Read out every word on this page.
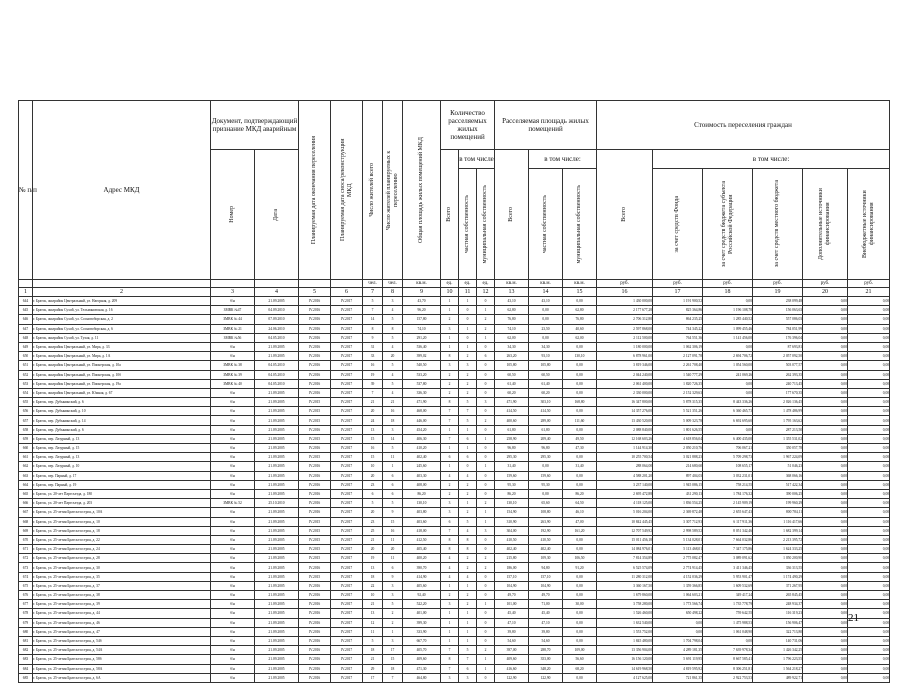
№ п/п	Адрес МКД	Документ, подтверждающий признание МКД аварийным		Планируемая дата окончания переселения	Планируемая дата сноса/реконструкции МКД	Число жителей всего	Число жителей планируемых к переселению	Общая площадь жилых помещений МКД	Количество расселяемых жилых помещений			Расселяемая площадь жилых помещений			Стоимость переселения граждан					

		Номер	Дата						Всего	в том числе		Всего	в том числе:		Всего	в том числе:				

										частная собственность	муниципальная собственность		частная собственность	муниципальная собственность		за счет средств Фонда	за счет средств бюджета субъекта Российской Федерации	за счет средств местного бюджета	Дополнительные источники финансирования	Внебюджетные источники финансирования

						чел.	чел.	кв.м.	ед.	ед.	ед.	кв.м.	кв.м.	кв.м.	руб.	руб.	руб.	руб.	руб.	руб.
1	2	3	4	5	6	7	8	9	10	11	12	13	14	15	16	17	18	19	20	21
644	г. Братск, жилрайон Центральный, ул. Нагорная, д. 209	б/н	21.09.2005	IV.2016	IV.2017	5	3	43,70	1	1	0	43,10	43,10	0,00	1 430 000,00	1 191 900,52	0,00	238 099,48	0,00	0,00
645	г. Братск, жилрайон Сухой, ул. Тельмановская, д. 16	ЗМВК №47	04.09.2010	IV.2016	IV.2017	7	4	96,20	1	0	1	62,80	0,00	62,80	2 177 677,28	825 364,86	1 196 108,78	156 063,63	0,00	0,00
646	г. Братск, жилрайон Сухой, ул. Сосновоборская, д. 2	ЗМВК № 44	07.09.2010	IV.2016	IV.2017	14	5	157,80	2	0	2	76,80	0,00	76,80	2 706 312,80	864 235,25	1 285 440,52	557 086,03	0,00	0,00
647	г. Братск, жилрайон Сухой, ул. Сосновоборская, д. 6	ЗМВК № 21	24.06.2010	IV.2016	IV.2017	8	8	74,10	3	1	2	74,10	23,50	40,60	2 597 868,00	744 345,22	1 099 455,46	784 051,99	0,00	0,00
648	г. Братск, жилрайон Сухой, ул. Тухая, д. 11	ЗМВК №56	04.05.2010	IV.2016	IV.2017	9	5	291,20	1	0	1	62,00	0,00	62,00	2 112 500,00	764 551,36	1 141 456,00	176 396,04	0,00	0,00
649	г. Братск, жилрайон Центральный, ул. Мира, д. 33	б/н	21.09.2005	IV.2016	IV.2017	31	4	536,40	1	1	0	34,30	34,30	0,00	1 180 000,00	1 062 306,19	0,00	87 693,81	0,00	0,00
650	г. Братск, жилрайон Центральный, ул. Мира, д. 1А	б/н	21.09.2005	IV.2016	IV.2017	33	20	399,02	8	2	6	263,20	93,10	130,10	6 878 961,00	2 127 091,78	2 694 706,72	2 057 092,50	0,00	0,00
651	г. Братск, жилрайон Центральный, ул. Пионерская, д. 10а	ЗМВК № 38	04.05.2010	IV.2016	IV.2017	16	5	540,50	3	3	0	105,80	105,80	0,00	3 819 346,00	2 261 708,40	1 054 560,00	503 077,57	0,00	0,00
652	г. Братск, жилрайон Центральный, ул. Пионерская, д. 10б	ЗМВК № 39	04.05.2010	IV.2016	IV.2017	19	4	533,20	2	2	0	60,50	60,50	0,00	2 044 240,00	1 540 777,29	241 069,26	262 393,35	0,00	0,00
653	г. Братск, жилрайон Центральный, ул. Пионерская, д. 19а	ЗМВК № 40	04.05.2010	IV.2016	IV.2017	39	5	537,80	2	2	0	61,40	61,40	0,00	2 061 400,00	1 820 726,35	0,00	240 713,45	0,00	0,00
654	г. Братск, жилрайон Центральный, ул. Южная, д. 67	б/н	21.09.2005	IV.2016	IV.2017	7	4	336,30	2	2	0	60,20	60,20	0,00	2 330 000,00	2 152 329,63	0,00	177 670,35	0,00	0,00
655	г. Братск, пер. Дубынинский, д. 6	б/н	21.09.2005	IV.2015	IV.2017	21	21	471,90	8	5	3	471,90	303,10	168,80	16 347 800,00	5 878 315,35	8 443 336,26	2 026 136,45	0,00	0,00
656	г. Братск, пер. Дубынинский, д. 10	б/н	21.09.2005	IV.2015	IV.2017	20	16	468,00	7	7	0	414,50	414,50	0,00	14 357 276,00	5 521 351,26	6 360 465,73	1 478 486,99	0,00	0,00
657	г. Братск, пер. Дубынинский, д. 14	б/н	21.09.2005	IV.2015	IV.2017	24	18	446,00	7	5	2	400,60	289,00	111,60	13 430 520,00	5 009 323,78	6 692 695,60	1 795 163,62	0,00	0,00
658	г. Братск, пер. Дубынинский, д. 6	б/н	21.09.2005	IV.2016	IV.2017	13	3	454,20	1	1	0	61,80	61,80	0,00	2 088 840,00	1 801 626,55	0,00	287 213,50	0,00	0,00
659	г. Братск, пер. Лазурный, д. 13	б/н	21.09.2005	IV.2015	IV.2017	15	14	406,30	7	6	1	258,90	209,40	49,50	12 168 603,26	4 618 856,04	6 400 435,00	1 355 531,02	0,00	0,00
660	г. Братск, пер. Лазурный, д. 15	б/н	21.09.2005	IV.2016	IV.2017	16	5	410,20	1	1	0	96,80	96,80	47,30	1 144 914,30	2 050 210,76	706 067,21	350 057,78	0,00	0,00
661	г. Братск, пер. Лазурный, д. 13	б/н	21.09.2005	IV.2015	IV.2017	15	11	402,40	6	6	0	295,30	295,30	0,00	10 255 700,54	3 021 888,23	5 709 298,73	1 967 224,09	0,00	0,00
662	г. Братск, пер. Лазурный, д. 10	б/н	21.09.2005	IV.2016	IV.2017	10	1	245,60	1	0	1	31,40	0,00	31,40	288 064,00	214 680,60	108 655,17	51 046,23	0,00	0,00
663	г. Братск, пер. Парный, д. 17	б/н	21.09.2005	IV.2016	IV.2017	20	6	403,30	4	4	0	159,60	159,60	0,00	4 588 201,20	897 404,03	3 032 231,01	368 066,16	0,00	0,00
664	г. Братск, пер. Парный, д. 19	б/н	21.09.2005	IV.2016	IV.2017	23	6	408,00	2	2	0	95,30	95,30	0,00	3 237 140,00	1 945 086,15	758 214,55	517 422,34	0,00	0,00
665	г. Братск, ул. 20-лет Партсъезда, д. 180	б/н	21.09.2005	IV.2016	IV.2017	6	6	86,20	2	2	0	86,20	0,00	86,20	2 695 472,88	431 290,13	1 784 176,32	390 006,25	0,00	0,00
666	г. Братск, ул. 20-лет Партсъезда, д. 203	ЗМВК № 52	25.10.2010	IV.2016	IV.2017	5	5	130,10	3	1	2	130,10	65,60	64,50	4 118 125,00	1 836 554,25	2 145 909,19	199 960,29	0,00	0,00
667	г. Братск, ул. 25-летия Братскгэсстроя, д. 10А	б/н	21.09.2005	IV.2016	IV.2017	20	9	403,80	3	2	1	154,90	108,80	46,10	5 016 204,00	2 369 872,48	2 655 647,43	800 784,11	0,00	0,00
668	г. Братск, ул. 25-летия Братскгэсстроя, д. 10	б/н	21.09.2005	IV.2015	IV.2017	23	15	403,60	6	5	1	310,90	263,90	47,00	10 842 445,45	3 307 712,93	6 117 911,36	1 116 417,66	0,00	0,00
669	г. Братск, ул. 25-летия Братскгэсстроя, д. 18	б/н	21.09.2005	IV.2015	IV.2017	25	16	418,00	7	4	3	304,00	192,90	161,20	12 707 549,92	2 998 589,52	8 051 342,46	1 682 399,14	0,00	0,00
670	г. Братск, ул. 25-летия Братскгэсстроя, д. 22	б/н	21.09.2005	IV.2015	IV.2017	21	11	412,50	8	8	0	410,50	410,50	0,00	15 011 456,18	5 134 028,01	7 664 032,86	2 213 395,72	0,00	0,00
671	г. Братск, ул. 25-летия Братскгэсстроя, д. 24	б/н	21.09.2005	IV.2015	IV.2017	20	20	405,40	8	8	0	402,40	402,40	0,00	14 084 976,01	5 113 468,01	7 347 175,86	1 624 333,25	0,00	0,00
672	г. Братск, ул. 25-летия Братскгэсстроя, д. 28	б/н	21.09.2005	IV.2015	IV.2017	19	11	400,20	4	2	2	215,80	109,30	106,50	7 814 354,89	2 775 082,47	3 089 091,62	1 050 200,90	0,00	0,00
673	г. Братск, ул. 25-летия Братскгэсстроя, д. 30	б/н	21.09.2005	IV.2016	IV.2017	13	6	390,70	4	2	2	186,00	94,80	91,20	6 525 574,09	2 774 914,45	3 411 346,45	336 313,55	0,00	0,00
674	г. Братск, ул. 25-летия Братскгэсстроя, д. 35	б/н	21.09.2005	IV.2015	IV.2017	18	9	414,90	4	4	0	157,10	157,10	0,00	11 280 312,00	4 152 036,29	5 953 901,47	1 174 490,29	0,00	0,00
675	г. Братск, ул. 25-летия Братскгэсстроя, д. 37	б/н	21.09.2005	IV.2016	IV.2017	22	3	405,60	1	1	0	104,90	104,90	0,00	3 360 167,50	1 359 366,85	1 609 532,69	371 267,95	0,00	0,00
676	г. Братск, ул. 25-летия Братскгэсстроя, д. 38	б/н	21.09.2005	IV.2016	IV.2017	10	3	92,40	2	2	0	49,70	49,70	0,00	1 679 860,00	1 064 603,21	349 417,24	265 845,45	0,00	0,00
677	г. Братск, ул. 25-летия Братскгэсстроя, д. 39	б/н	21.09.2005	IV.2016	IV.2017	21	5	522,20	3	2	1	101,00	71,00	30,00	3 758 280,00	1 773 566,74	1 735 778,79	248 934,37	0,00	0,00
678	г. Братск, ул. 25-летия Братскгэсстроя, д. 44	б/н	21.09.2005	IV.2016	IV.2017	13	2	401,00	1	1	0	45,40	45,40	0,00	1 526 460,00	650 498,22	759 642,55	116 319,23	0,00	0,00
679	г. Братск, ул. 25-летия Братскгэсстроя, д. 46	б/н	21.09.2005	IV.2016	IV.2017	12	2	399,30	1	1	0	47,10	47,10	0,00	1 632 540,00	0,00	1 475 988,53	156 906,47	0,00	0,00
680	г. Братск, ул. 25-летия Братскгэсстроя, д. 47	б/н	21.09.2005	IV.2016	IV.2017	11	1	333,90	1	1	0	39,80	39,80	0,00	1 553 752,00	0,00	1 061 048,90	322 713,80	0,00	0,00
681	г. Братск, ул. 25-летия Братскгэсстроя, д. 54б	б/н	21.09.2005	IV.2016	IV.2017	5	3	667,70	1	1	0	54,60	54,60	0,00	1 845 480,00	1 704 798,04	0,00	140 731,06	0,00	0,00
682	г. Братск, ул. 25-летия Братскгэсстроя, д. 54А	б/н	21.09.2005	IV.2016	IV.2017	18	17	405,70	7	5	2	397,00	288,70	109,00	13 356 904,00	4 289 181,35	7 639 978,34	1 426 342,25	0,00	0,00
683	г. Братск, ул. 25-летия Братскгэсстроя, д. 58б	б/н	21.09.2005	IV.2016	IV.2017	21	15	409,60	8	7	1	409,60	353,00	56,60	16 156 120,00	5 691 119,95	8 667 585,41	1 796 223,55	0,00	0,00
684	г. Братск, ул. 25-летия Братскгэсстроя, д. 58А	б/н	21.09.2005	IV.2016	IV.2017	29	18	471,30	7	6	1	416,60	348,20	68,20	14 619 968,50	4 819 595,92	8 306 251,81	1 564 218,27	0,00	0,00
685	г. Братск, ул. 25-летия Братскгэсстроя, д. 6А	б/н	21.09.2005	IV.2016	IV.2017	17	7	464,80	3	3	0	122,90	122,90	0,00	4 127 625,00	721 861,35	2 922 753,53	489 922,71	0,00	0,00
21
